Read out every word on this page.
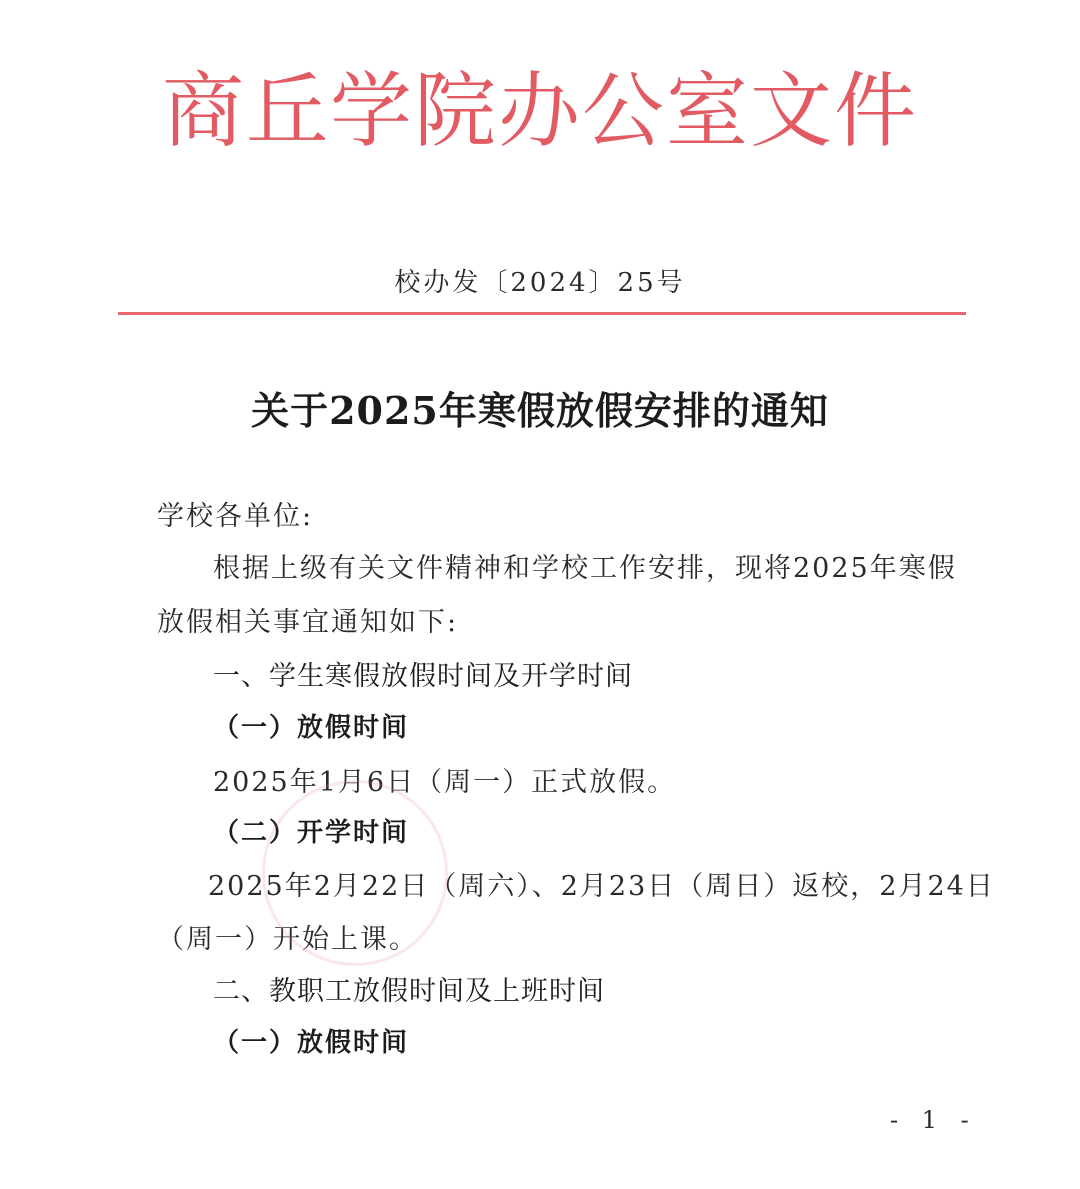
商丘学院办公室文件
校办发〔2024〕25号
关于2025年寒假放假安排的通知
学校各单位:
根据上级有关文件精神和学校工作安排，现将2025年寒假
放假相关事宜通知如下:
一、学生寒假放假时间及开学时间
（一）放假时间
2025年1月6日（周一）正式放假。
（二）开学时间
2025年2月22日（周六）、2月23日（周日）返校，2月24日
（周一）开始上课。
二、教职工放假时间及上班时间
（一）放假时间
- 1 -
